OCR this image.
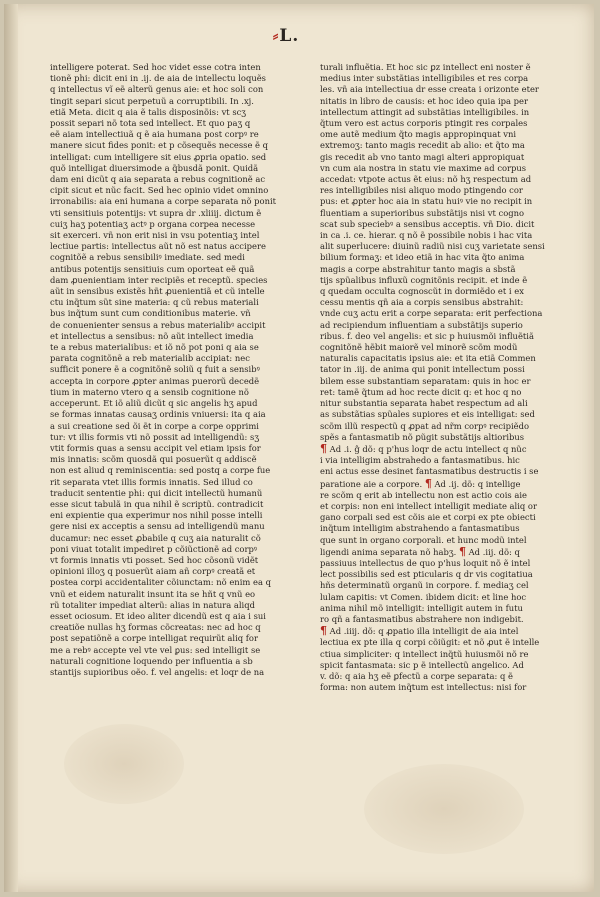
⸗L.
intelligere poterat. Sed hoc videt esse cotra inten
tionẽ phi: dicit eni in .ij. de aia de intellectu loquẽs
q intellectus vĩ eẽ alterũ genus aie: et hoc soli con
tingit separi sicut perpetuũ a corruptibili. In .xj.
etiã Meta. dicit q aia ẽ talis disposinõis: vt scʒ
possit separi nõ tota sed intellect. Et quo paʒ q
eẽ aiam intellectiuã q ẽ aia humana post corpꝰ re
manere sicut fides ponit: et p cõsequẽs necesse ẽ q
intelligat: cum intelligere sit eius ꝓpria opatio. sed
quõ intelligat diuersimode a q̃busdã ponit. Quidã
dam eni dicũt q aia separata a rebus cognitionẽ ac
cipit sicut et nũc facit. Sed hec opinio videt omnino
irronabilis: aia eni humana a corpe separata nõ ponit
vti sensitiuis potentijs: vt supra dr .xliiij. dictum ẽ
cuiʒ haʒ potentiaʒ actꝰ p organa corpea necesse
sit exerceri. vñ non erit nisi in vsu potentiaʒ intel
lectiue partis: intellectus aũt nõ est natus accipere
cognitõẽ a rebus sensibiliꝰ imediate. sed medi
antibus potentijs sensitiuis cum oporteat eẽ quã
dam ꝓuenientiam inter recipiẽs et receptũ. species
aũt in sensibus existẽs hñt ꝓuenientiã et cũ intelle
ctu inq̃tum sũt sine materia: q cũ rebus materiali
bus inq̃tum sunt cum conditionibus materie. vñ
de conuenienter sensus a rebus materialibꝰ accipit
et intellectus a sensibus: nõ aũt intellect imedia
te a rebus materialibus: et iõ nõ pot poni q aia se
parata cognitõnẽ a reb materialib accipiat: nec
sufficit ponere ẽ a cognitõnẽ soliũ q fuit a sensibꝰ
accepta in corpore ꝓpter animas puerorũ decedẽ
tium in materno vtero q a sensib cognitione nõ
acceperunt. Et iõ aliũ dicũt q sic angelis hʒ apud
se formas innatas causaʒ ordinis vniuersi: ita q aia
a sui creatione sed õi ẽt in corpe a corpe opprimi
tur: vt illis formis vti nõ possit ad intelligendũ: sʒ
vtit formis quas a sensu accipit vel etiam ipsis for
mis innatis: scõm quosdã qui posuerũt q addiscẽ
non est aliud q reminiscentia: sed postq a corpe fue
rit separata vtet illis formis innatis. Sed illud co
traducit sententie phi: qui dicit intellectũ humanũ
esse sicut tabulã in qua nihil ẽ scriptũ. contradicit
eni expientie qua experimur nos nihil posse intelli
gere nisi ex acceptis a sensu ad intelligendũ manu
ducamur: nec esset ꝓbabile q cuʒ aia naturalit cõ
poni viuat totalit impediret p cõiũctionẽ ad corpꝰ
vt formis innatis vti posset. Sed hoc cõsonũ vidẽt
opinioni illoʒ q posuerũt aiam añ corpꝰ creatã et
postea corpi accidentaliter cõiunctam: nõ enim ea q
vnũ et eidem naturalit insunt ita se hñt q vnũ eo
rũ totaliter impediat alterũ: alias in natura aliqd
esset ociosum. Et ideo aliter dicendũ est q aia i sui
creatiõe nullas hʒ formas cõcreatas: nec ad hoc q
post sepatiõnẽ a corpe intelligat requirũt aliq for
me a rebꝰ accepte vel vte vel ꝑus: sed intelligit se
naturali cognitione loquendo per influentia a sb
stantijs supioribus oẽo. f. vel angelis: et loqr de na
turali influẽtia. Et hoc sic ꝑz intellect eni noster ẽ
medius inter substãtias intelligibiles et res corpa
les. vñ aia intellectiua dr esse creata i orizonte eter
nitatis in libro de causis: et hoc ideo quia ipa per
intellectum attingit ad substãtias intelligibiles. in
q̃tum vero est actus corporis ptingit res corpales
ome autẽ medium q̃to magis appropinquat vni
extremoʒ: tanto magis recedit ab alio: et q̃to ma
gis recedit ab vno tanto magi alteri appropiquat
vn cum aia nostra in statu vie maxime ad corpus
accedat: vtpote actus ẽt eius: nõ hʒ respectum ad
res intelligibiles nisi aliquo modo ptingendo cor
pus: et ꝓpter hoc aia in statu huiꝰ vie no recipit in
fluentiam a superioribus substãtijs nisi vt cogno
scat sub speciebꝰ a sensibus acceptis. vñ Dio. dicit
in ca .i. ce. hierar. q nõ ẽ possibile nobis i hac vita
alit superlucere: diuinũ radiũ nisi cuʒ varietate sensi
bilium formaʒ: et ideo etiã in hac vita q̃to anima
magis a corpe abstrahitur tanto magis a sbstã
tijs spũalibus influxũ cognitõnis recipit. et inde ẽ
q quedam occulta cognoscũt in dormiẽdo et i ex
cessu mentis qñ aia a corpis sensibus abstrahit:
vnde cuʒ actu erit a corpe separata: erit perfectiona
ad recipiendum influentiam a substãtijs superio
ribus. f. deo vel angelis: et sic p huiusmõi influẽtiã
cognitõnẽ hẽbit maiorẽ vel minorẽ scõm modũ
naturalis capacitatis ipsius aie: et ita etiã Commen
tator in .iij. de anima qui ponit intellectum possi
bilem esse substantiam separatam: quis in hoc er
ret: tamẽ q̃tum ad hoc recte dicit q: et hoc q no
nitur substantia separata habet respectum ad ali
as substãtias spũales supiores et eis intelligat: sed
scõm illũ respectũ q ꝓpat ad nr̃m corpꝰ recipiẽdo
spẽs a fantasmatib nõ ꝑũgit substãtijs altioribus
¶ Ad .i. ĝ dõ: q p'hus loqr de actu intellect q nũc
i via intelligim abstrahedo a fantasmatibus. hic
eni actus esse desinet fantasmatibus destructis i se
paratione aie a corpore. ¶ Ad .ij. dõ: q intellige
re scõm q erit ab intellectu non est actio cois aie
et corpis: non eni intellect intelligit mediate aliq or
gano corpali sed est cõis aie et corpi ex pte obiecti
inq̃tum intelligim abstrahendo a fantasmatibus
que sunt in organo corporali. et hunc modũ intel
ligendi anima separata nõ habʒ. ¶ Ad .iij. dõ: q
passiuus intellectus de quo p'hus loquit nõ ẽ intel
lect possibilis sed est pticularis q dr vis cogitatiua
hñs determinatũ organũ in corpore. f. mediaʒ cel
lulam capitis: vt Comen. ibidem dicit: et line hoc
anima nihil mõ intelligit: intelligit autem in futu
ro qñ a fantasmatibus abstrahere non indigebit.
¶ Ad .iiij. dõ: q ꝓpatio illa intelligit de aia intel
lectiua ex pte illa q corpi cõiũgit: et nõ ꝓut ẽ intelle
ctiua simpliciter: q intellect inq̃tũ huiusmõi nõ re
spicit fantasmata: sic p ẽ intellectũ angelico. Ad
v. dõ: q aia hʒ eẽ ꝑfectũ a corpe separata: q ẽ
forma: non autem inq̃tum est intellectus: nisi for
